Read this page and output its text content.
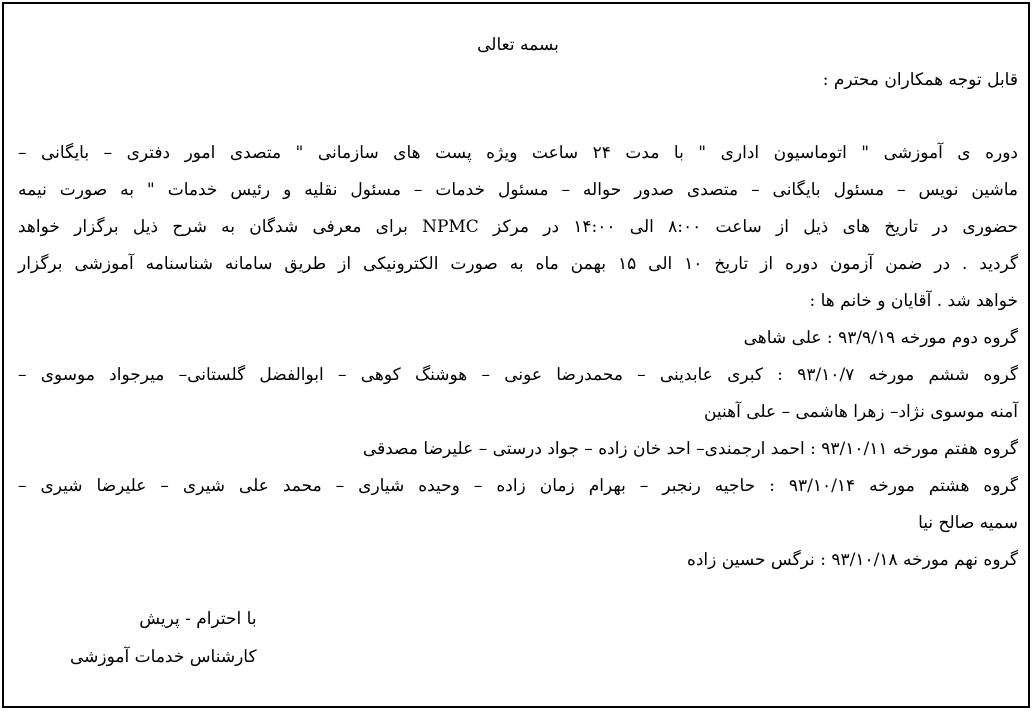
بسمه تعالی
قابل توجه همکاران محترم :
دوره ی آموزشی " اتوماسیون اداری " با مدت ۲۴ ساعت ویژه پست های سازمانی " متصدی امور دفتری – بایگانی –
ماشین نویس – مسئول بایگانی – متصدی صدور حواله – مسئول خدمات – مسئول نقلیه و رئیس خدمات " به صورت نیمه
حضوری در تاریخ های ذیل از ساعت ۸:۰۰ الی ۱۴:۰۰ در مرکز NPMC برای معرفی شدگان به شرح ذیل برگزار خواهد
گردید . در ضمن آزمون دوره از تاریخ ۱۰ الی ۱۵ بهمن ماه به صورت الکترونیکی از طریق سامانه شناسنامه آموزشی برگزار
خواهد شد . آقایان و خانم ها :
گروه دوم مورخه ۹۳/۹/۱۹ : علی شاهی
گروه ششم مورخه ۹۳/۱۰/۷ : کبری عابدینی – محمدرضا عونی – هوشنگ کوهی – ابوالفضل گلستانی– میرجواد موسوی –
آمنه موسوی نژاد– زهرا هاشمی – علی آهنین
گروه هفتم مورخه ۹۳/۱۰/۱۱ : احمد ارجمندی– احد خان زاده – جواد درستی – علیرضا مصدقی
گروه هشتم مورخه ۹۳/۱۰/۱۴ : حاجیه رنجبر – بهرام زمان زاده – وحیده شیاری – محمد علی شیری – علیرضا شیری –
سمیه صالح نیا
گروه نهم مورخه ۹۳/۱۰/۱۸ : نرگس حسین زاده
با احترام - پریش
کارشناس خدمات آموزشی
